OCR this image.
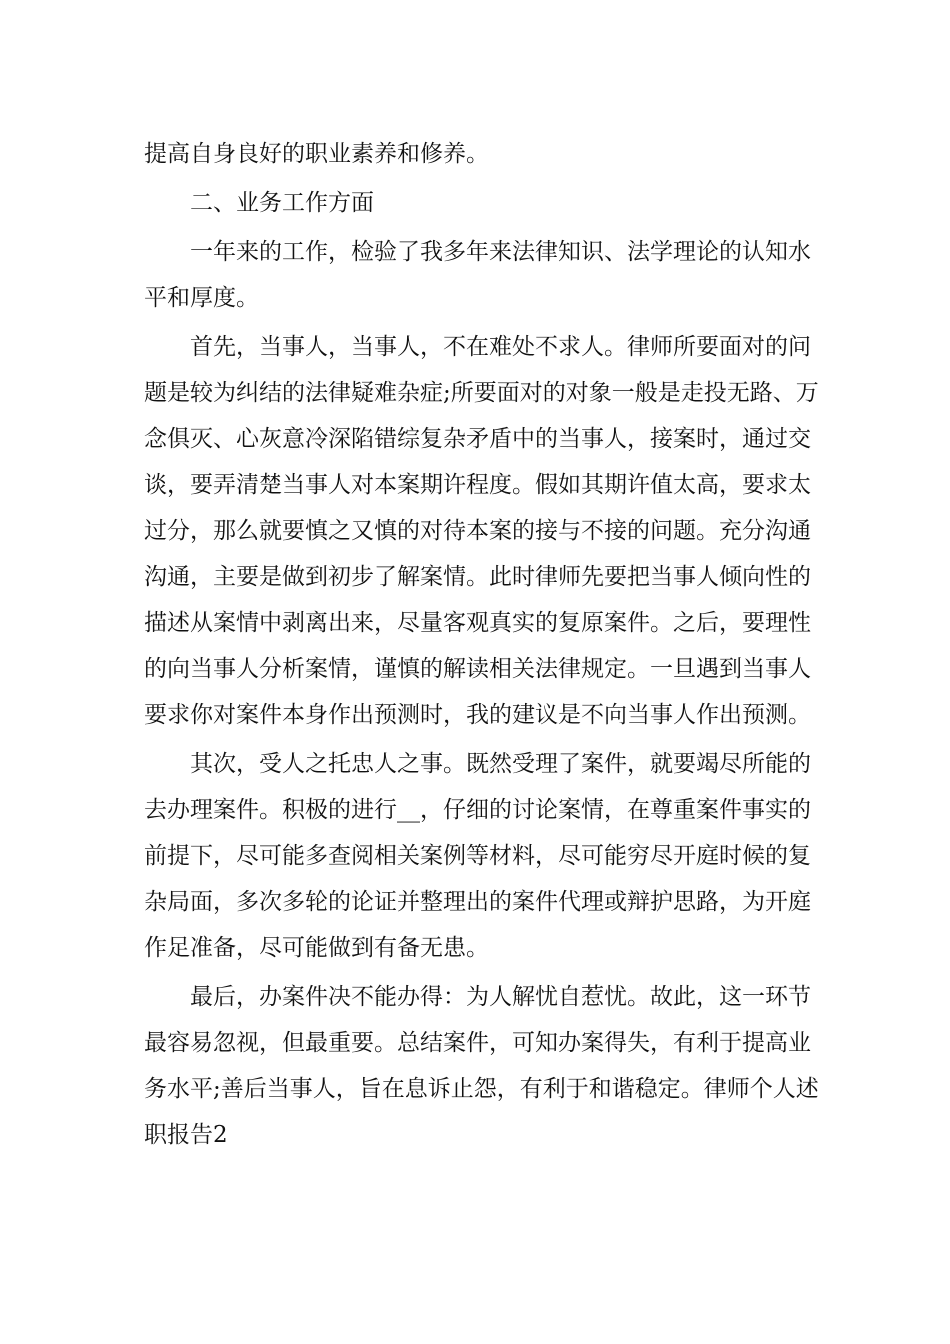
提高自身良好的职业素养和修养。
二、业务工作方面
一年来的工作，检验了我多年来法律知识、法学理论的认知水
平和厚度。
首先，当事人，当事人，不在难处不求人。律师所要面对的问
题是较为纠结的法律疑难杂症;所要面对的对象一般是走投无路、万
念俱灭、心灰意冷深陷错综复杂矛盾中的当事人，接案时，通过交
谈，要弄清楚当事人对本案期许程度。假如其期许值太高，要求太
过分，那么就要慎之又慎的对待本案的接与不接的问题。充分沟通
沟通，主要是做到初步了解案情。此时律师先要把当事人倾向性的
描述从案情中剥离出来，尽量客观真实的复原案件。之后，要理性
的向当事人分析案情，谨慎的解读相关法律规定。一旦遇到当事人
要求你对案件本身作出预测时，我的建议是不向当事人作出预测。
其次，受人之托忠人之事。既然受理了案件，就要竭尽所能的
去办理案件。积极的进行__，仔细的讨论案情，在尊重案件事实的
前提下，尽可能多查阅相关案例等材料，尽可能穷尽开庭时候的复
杂局面，多次多轮的论证并整理出的案件代理或辩护思路，为开庭
作足准备，尽可能做到有备无患。
最后，办案件决不能办得：为人解忧自惹忧。故此，这一环节
最容易忽视，但最重要。总结案件，可知办案得失，有利于提高业
务水平;善后当事人，旨在息诉止怨，有利于和谐稳定。律师个人述
职报告2
